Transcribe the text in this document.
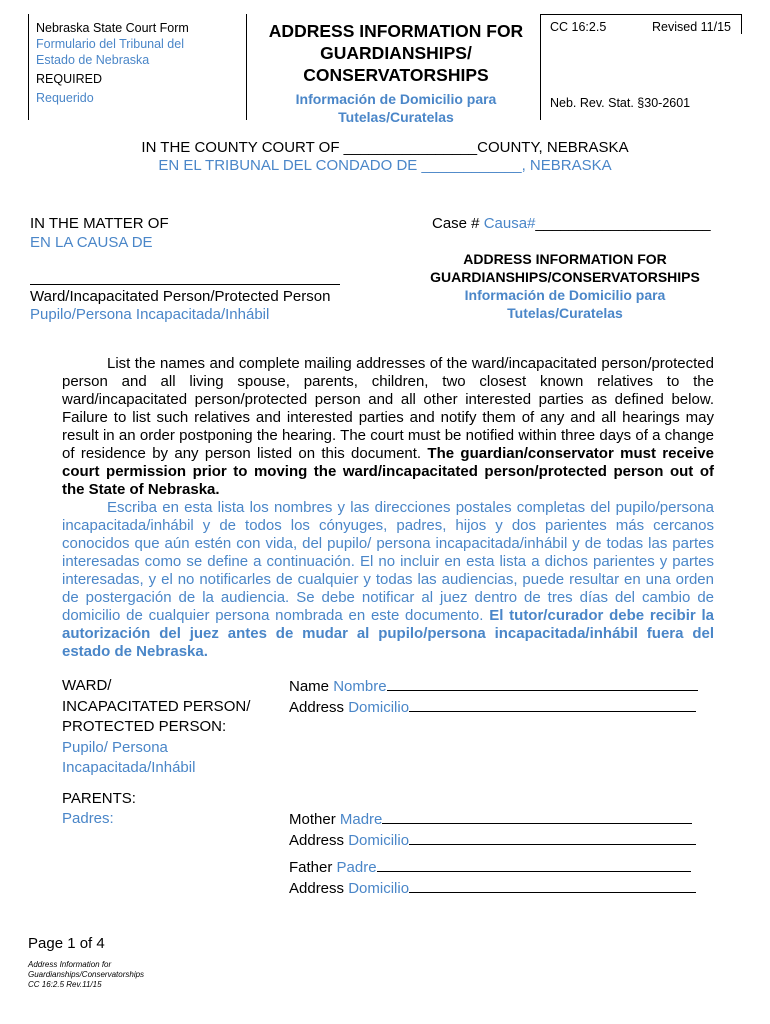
Nebraska State Court Form
Formulario del Tribunal del
Estado de Nebraska
REQUIRED
Requerido
ADDRESS INFORMATION FOR
GUARDIANSHIPS/
CONSERVATORSHIPS
Información de Domicilio para
Tutelas/Curatelas
CC 16:2.5	Revised 11/15
Neb. Rev. Stat. §30-2601
IN THE COUNTY COURT OF ________________COUNTY, NEBRASKA
EN EL TRIBUNAL DEL CONDADO DE ____________, NEBRASKA
IN THE MATTER OF
EN LA CAUSA DE
Ward/Incapacitated Person/Protected Person
Pupilo/Persona Incapacitada/Inhábil
Case # Causa#_____________________
ADDRESS INFORMATION FOR
GUARDIANSHIPS/CONSERVATORSHIPS
Información de Domicilio para
Tutelas/Curatelas

List the names and complete mailing addresses of the ward/incapacitated person/protected person and all living spouse, parents, children, two closest known relatives to the ward/incapacitated person/protected person and all other interested parties as defined below. Failure to list such relatives and interested parties and notify them of any and all hearings may result in an order postponing the hearing. The court must be notified within three days of a change of residence by any person listed on this document. The guardian/conservator must receive court permission prior to moving the ward/incapacitated person/protected person out of the State of Nebraska.

Escriba en esta lista los nombres y las direcciones postales completas del pupilo/persona incapacitada/inhábil y de todos los cónyuges, padres, hijos y dos parientes más cercanos conocidos que aún estén con vida, del pupilo/ persona incapacitada/inhábil y de todas las partes interesadas como se define a continuación. El no incluir en esta lista a dichos parientes y partes interesadas, y el no notificarles de cualquier y todas las audiencias, puede resultar en una orden de postergación de la audiencia. Se debe notificar al juez dentro de tres días del cambio de domicilio de cualquier persona nombrada en este documento. El tutor/curador debe recibir la autorización del juez antes de mudar al pupilo/persona incapacitada/inhábil fuera del estado de Nebraska.

WARD/
INCAPACITATED PERSON/
PROTECTED PERSON:
Pupilo/ Persona
Incapacitada/Inhábil
Name Nombre
Address Domicilio
PARENTS:
Padres:	Mother Madre
Address Domicilio
Father Padre
Address Domicilio
Page 1 of 4
Address Information for
Guardianships/Conservatorships
CC 16:2.5 Rev.11/15
